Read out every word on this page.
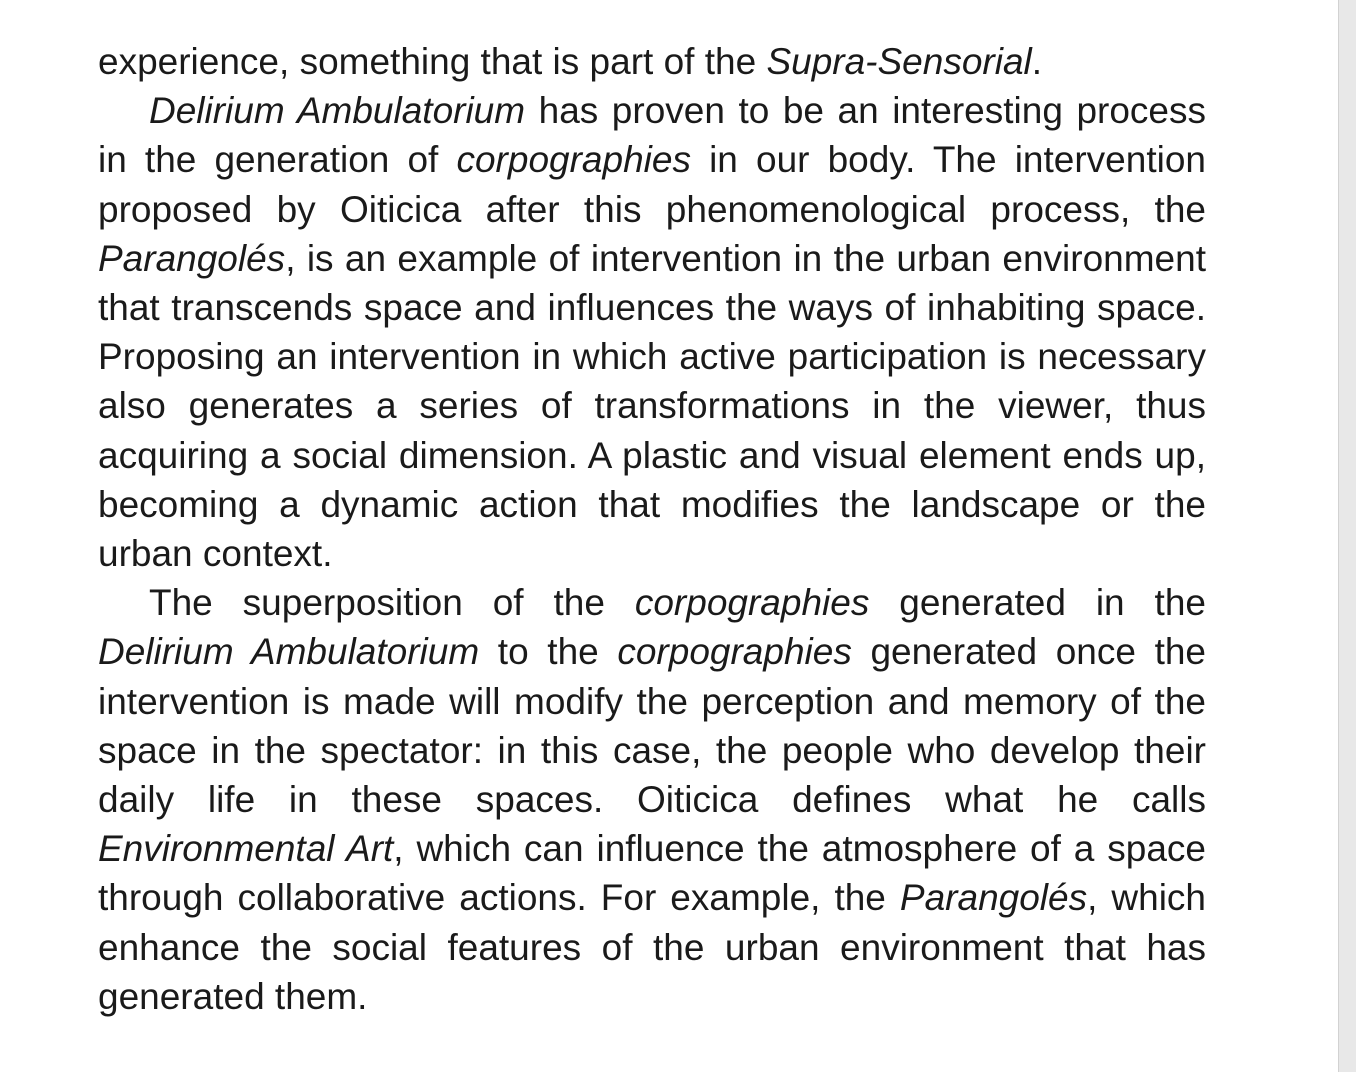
experience, something that is part of the Supra-Sensorial.

Delirium Ambulatorium has proven to be an interesting process in the generation of corpographies in our body. The intervention proposed by Oiticica after this phenomenological process, the Parangolés, is an example of intervention in the urban environment that transcends space and influences the ways of inhabiting space. Proposing an intervention in which active participation is necessary also generates a series of transformations in the viewer, thus acquiring a social dimension. A plastic and visual element ends up, becoming a dynamic action that modifies the landscape or the urban context.

The superposition of the corpographies generated in the Delirium Ambulatorium to the corpographies generated once the intervention is made will modify the perception and memory of the space in the spectator: in this case, the people who develop their daily life in these spaces. Oiticica defines what he calls Environmental Art, which can influence the atmosphere of a space through collaborative actions. For example, the Parangolés, which enhance the social features of the urban environment that has generated them.
